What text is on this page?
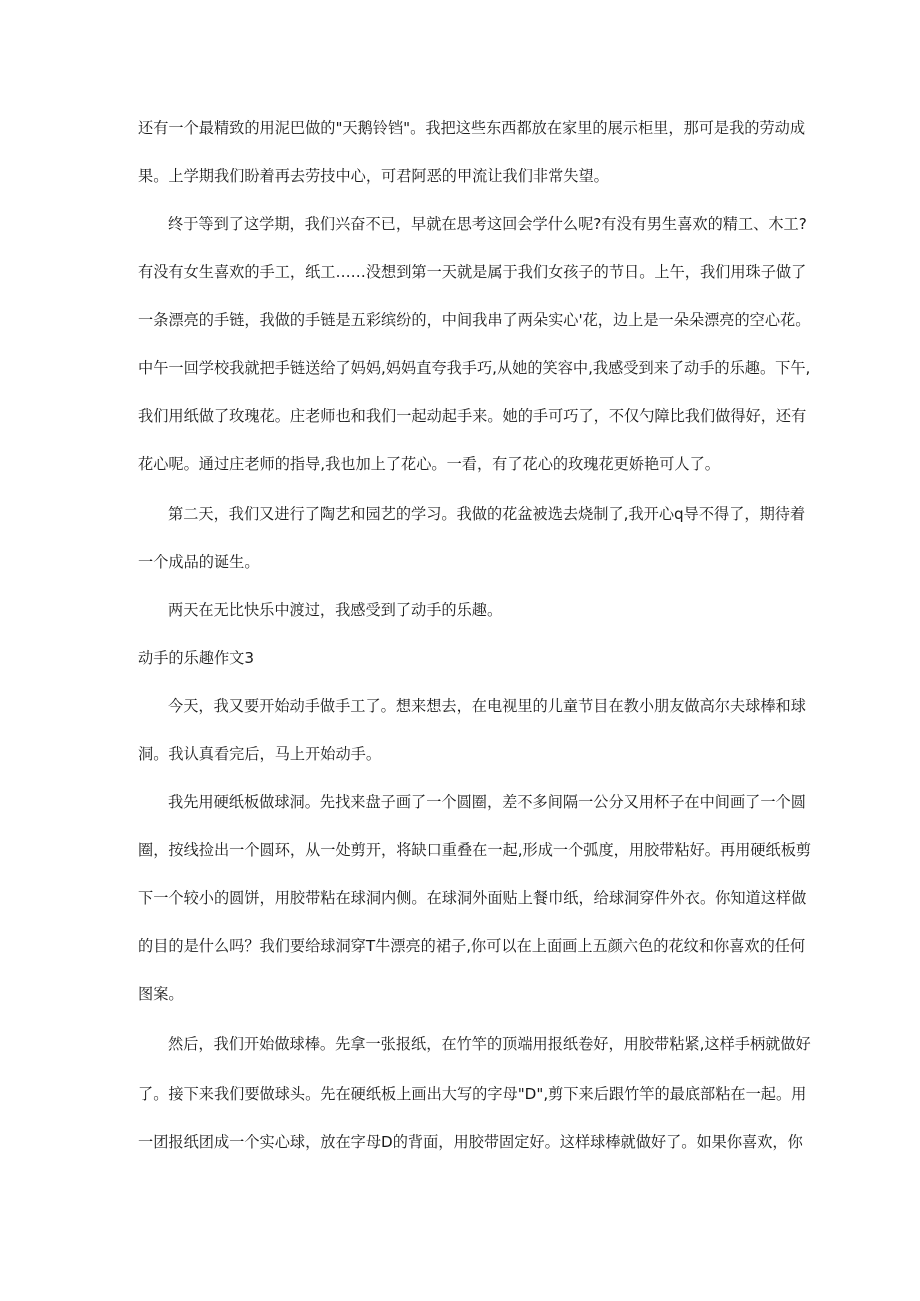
还有一个最精致的用泥巴做的"天鹅铃铛"。我把这些东西都放在家里的展示柜里，那可是我的劳动成
果。上学期我们盼着再去劳技中心，可君阿恶的甲流让我们非常失望。
终于等到了这学期，我们兴奋不已，早就在思考这回会学什么呢?有没有男生喜欢的精工、木工?
有没有女生喜欢的手工，纸工……没想到第一天就是属于我们女孩子的节日。上午，我们用珠子做了
一条漂亮的手链，我做的手链是五彩缤纷的，中间我串了两朵实心'花，边上是一朵朵漂亮的空心花。
中午一回学校我就把手链送给了妈妈,妈妈直夸我手巧,从她的笑容中,我感受到来了动手的乐趣。下午,
我们用纸做了玫瑰花。庄老师也和我们一起动起手来。她的手可巧了，不仅勺障比我们做得好，还有
花心呢。通过庄老师的指导,我也加上了花心。一看，有了花心的玫瑰花更娇艳可人了。
第二天，我们又进行了陶艺和园艺的学习。我做的花盆被选去烧制了,我开心q导不得了，期待着
一个成品的诞生。
两天在无比快乐中渡过，我感受到了动手的乐趣。
动手的乐趣作文3
今天，我又要开始动手做手工了。想来想去，在电视里的儿童节目在教小朋友做高尔夫球棒和球
洞。我认真看完后，马上开始动手。
我先用硬纸板做球洞。先找来盘子画了一个圆圈，差不多间隔一公分又用杯子在中间画了一个圆
圈，按线捡出一个圆环，从一处剪开，将缺口重叠在一起,形成一个弧度，用胶带粘好。再用硬纸板剪
下一个较小的圆饼，用胶带粘在球洞内侧。在球洞外面贴上餐巾纸，给球洞穿件外衣。你知道这样做
的目的是什么吗？我们要给球洞穿T牛漂亮的裙子,你可以在上面画上五颜六色的花纹和你喜欢的任何
图案。
然后，我们开始做球棒。先拿一张报纸，在竹竿的顶端用报纸卷好，用胶带粘紧,这样手柄就做好
了。接下来我们要做球头。先在硬纸板上画出大写的字母"D",剪下来后跟竹竿的最底部粘在一起。用
一团报纸团成一个实心球，放在字母D的背面，用胶带固定好。这样球棒就做好了。如果你喜欢，你
